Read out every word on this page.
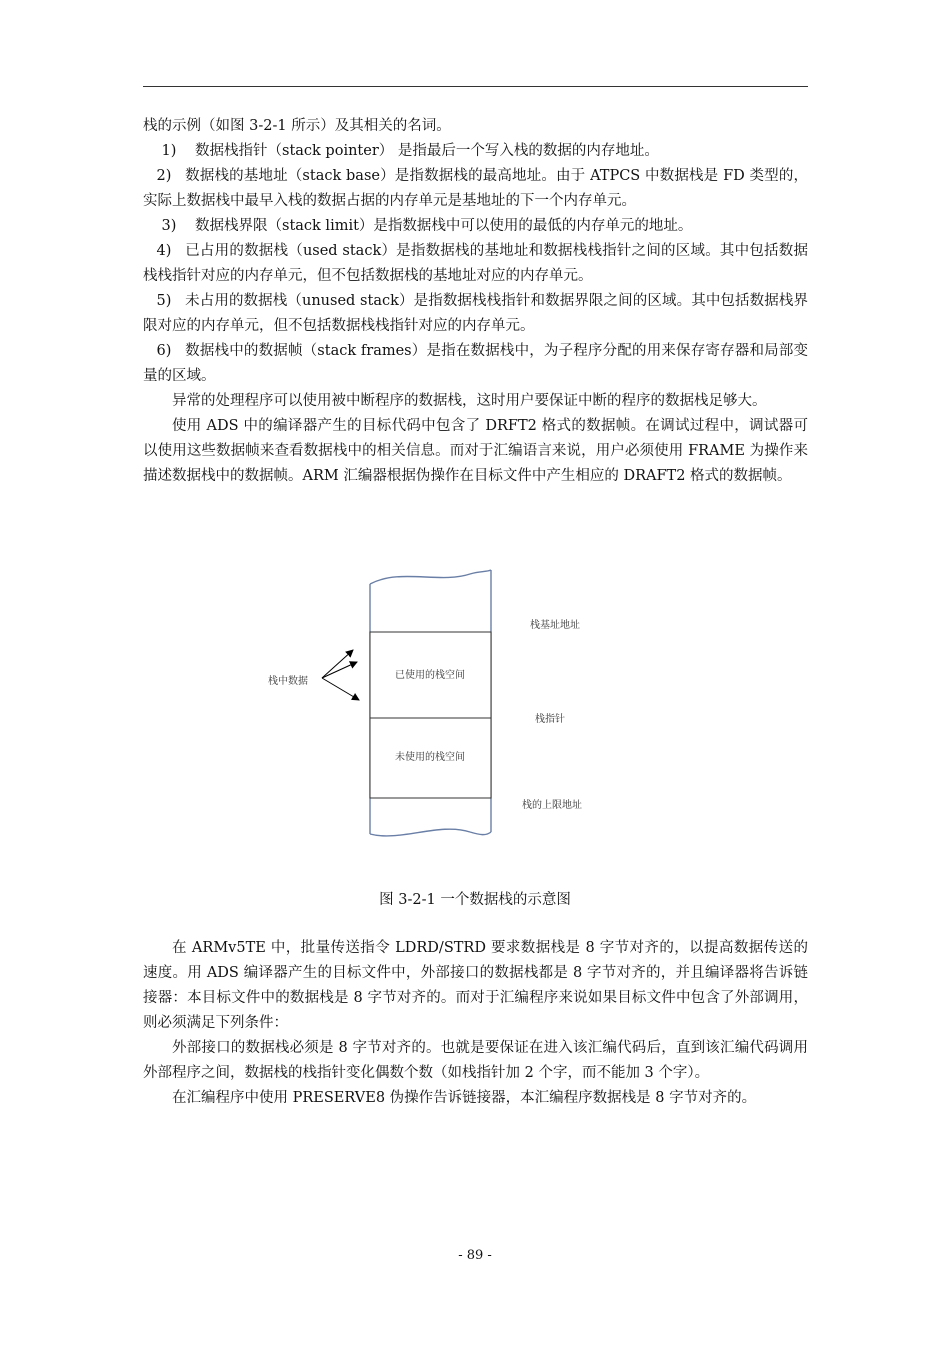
栈的示例（如图 3-2-1 所示）及其相关的名词。

1)	数据栈指针（stack pointer） 是指最后一个写入栈的数据的内存地址。

2) 数据栈的基地址（stack base）是指数据栈的最高地址。由于 ATPCS 中数据栈是 FD 类型的，实际上数据栈中最早入栈的数据占据的内存单元是基地址的下一个内存单元。

3)	数据栈界限（stack limit）是指数据栈中可以使用的最低的内存单元的地址。

4) 已占用的数据栈（used stack）是指数据栈的基地址和数据栈栈指针之间的区域。其中包括数据栈栈指针对应的内存单元，但不包括数据栈的基地址对应的内存单元。

5) 未占用的数据栈（unused stack）是指数据栈栈指针和数据界限之间的区域。其中包括数据栈界限对应的内存单元，但不包括数据栈栈指针对应的内存单元。

6) 数据栈中的数据帧（stack frames）是指在数据栈中，为子程序分配的用来保存寄存器和局部变量的区域。

异常的处理程序可以使用被中断程序的数据栈，这时用户要保证中断的程序的数据栈足够大。

使用 ADS 中的编译器产生的目标代码中包含了 DRFT2 格式的数据帧。在调试过程中，调试器可以使用这些数据帧来查看数据栈中的相关信息。而对于汇编语言来说，用户必须使用 FRAME 为操作来描述数据栈中的数据帧。ARM 汇编器根据伪操作在目标文件中产生相应的 DRAFT2 格式的数据帧。

已使用的栈空间
未使用的栈空间
栈基址地址
栈指针
栈的上限地址
栈中数据
图 3-2-1 一个数据栈的示意图

在 ARMv5TE 中，批量传送指令 LDRD/STRD 要求数据栈是 8 字节对齐的，以提高数据传送的速度。用 ADS 编译器产生的目标文件中，外部接口的数据栈都是 8 字节对齐的，并且编译器将告诉链接器：本目标文件中的数据栈是 8 字节对齐的。而对于汇编程序来说如果目标文件中包含了外部调用，则必须满足下列条件：

外部接口的数据栈必须是 8 字节对齐的。也就是要保证在进入该汇编代码后，直到该汇编代码调用外部程序之间，数据栈的栈指针变化偶数个数（如栈指针加 2 个字，而不能加 3 个字）。

在汇编程序中使用 PRESERVE8 伪操作告诉链接器，本汇编程序数据栈是 8 字节对齐的。

- 89 -
